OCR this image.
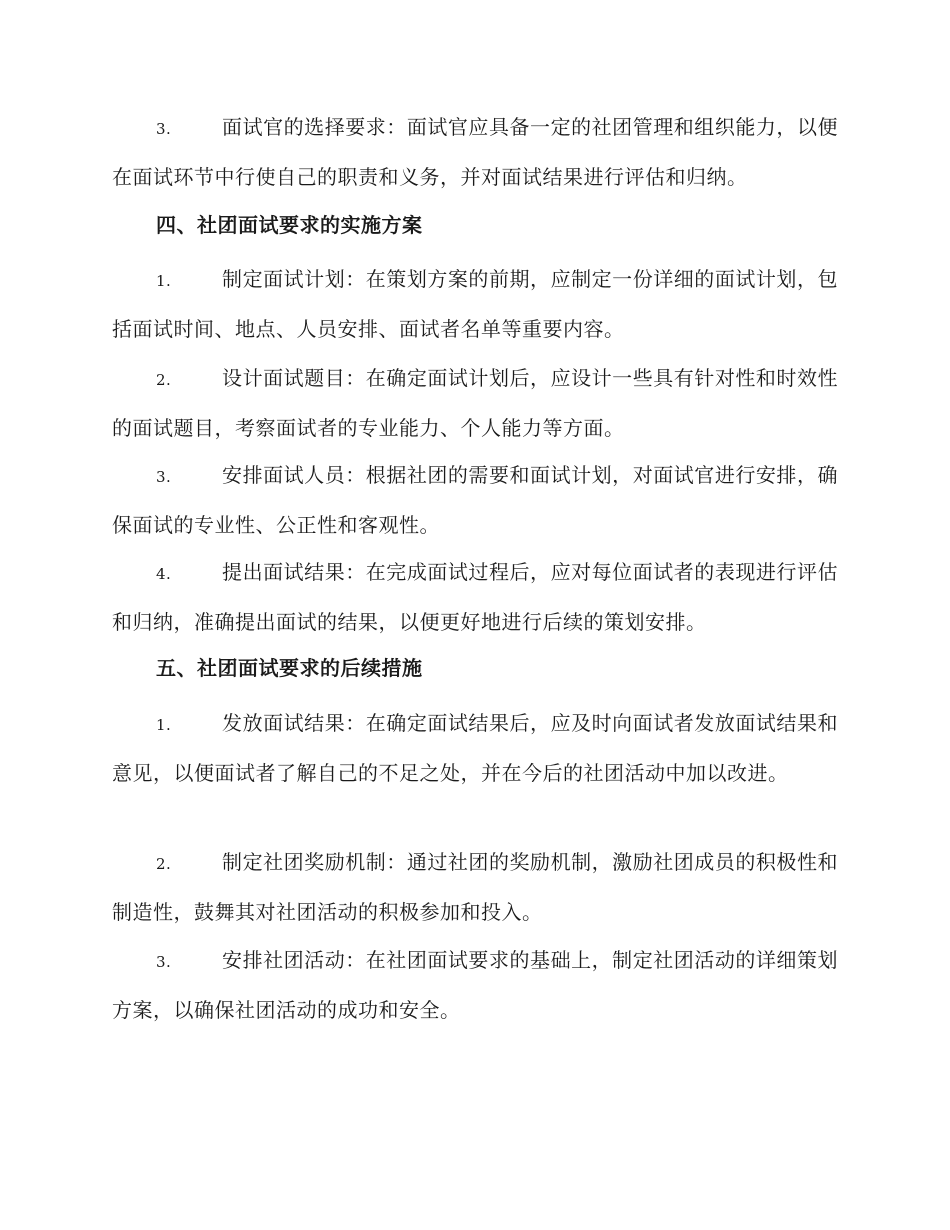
3.	面试官的选择要求：面试官应具备一定的社团管理和组织能力，以便在面试环节中行使自己的职责和义务，并对面试结果进行评估和归纳。

四、社团面试要求的实施方案

1.	制定面试计划：在策划方案的前期，应制定一份详细的面试计划，包括面试时间、地点、人员安排、面试者名单等重要内容。

2.	设计面试题目：在确定面试计划后，应设计一些具有针对性和时效性的面试题目，考察面试者的专业能力、个人能力等方面。

3.	安排面试人员：根据社团的需要和面试计划，对面试官进行安排，确保面试的专业性、公正性和客观性。

4.	提出面试结果：在完成面试过程后，应对每位面试者的表现进行评估和归纳，准确提出面试的结果，以便更好地进行后续的策划安排。

五、社团面试要求的后续措施

1.	发放面试结果：在确定面试结果后，应及时向面试者发放面试结果和意见，以便面试者了解自己的不足之处，并在今后的社团活动中加以改进。

2.	制定社团奖励机制：通过社团的奖励机制，激励社团成员的积极性和制造性，鼓舞其对社团活动的积极参加和投入。

3.	安排社团活动：在社团面试要求的基础上，制定社团活动的详细策划方案，以确保社团活动的成功和安全。
